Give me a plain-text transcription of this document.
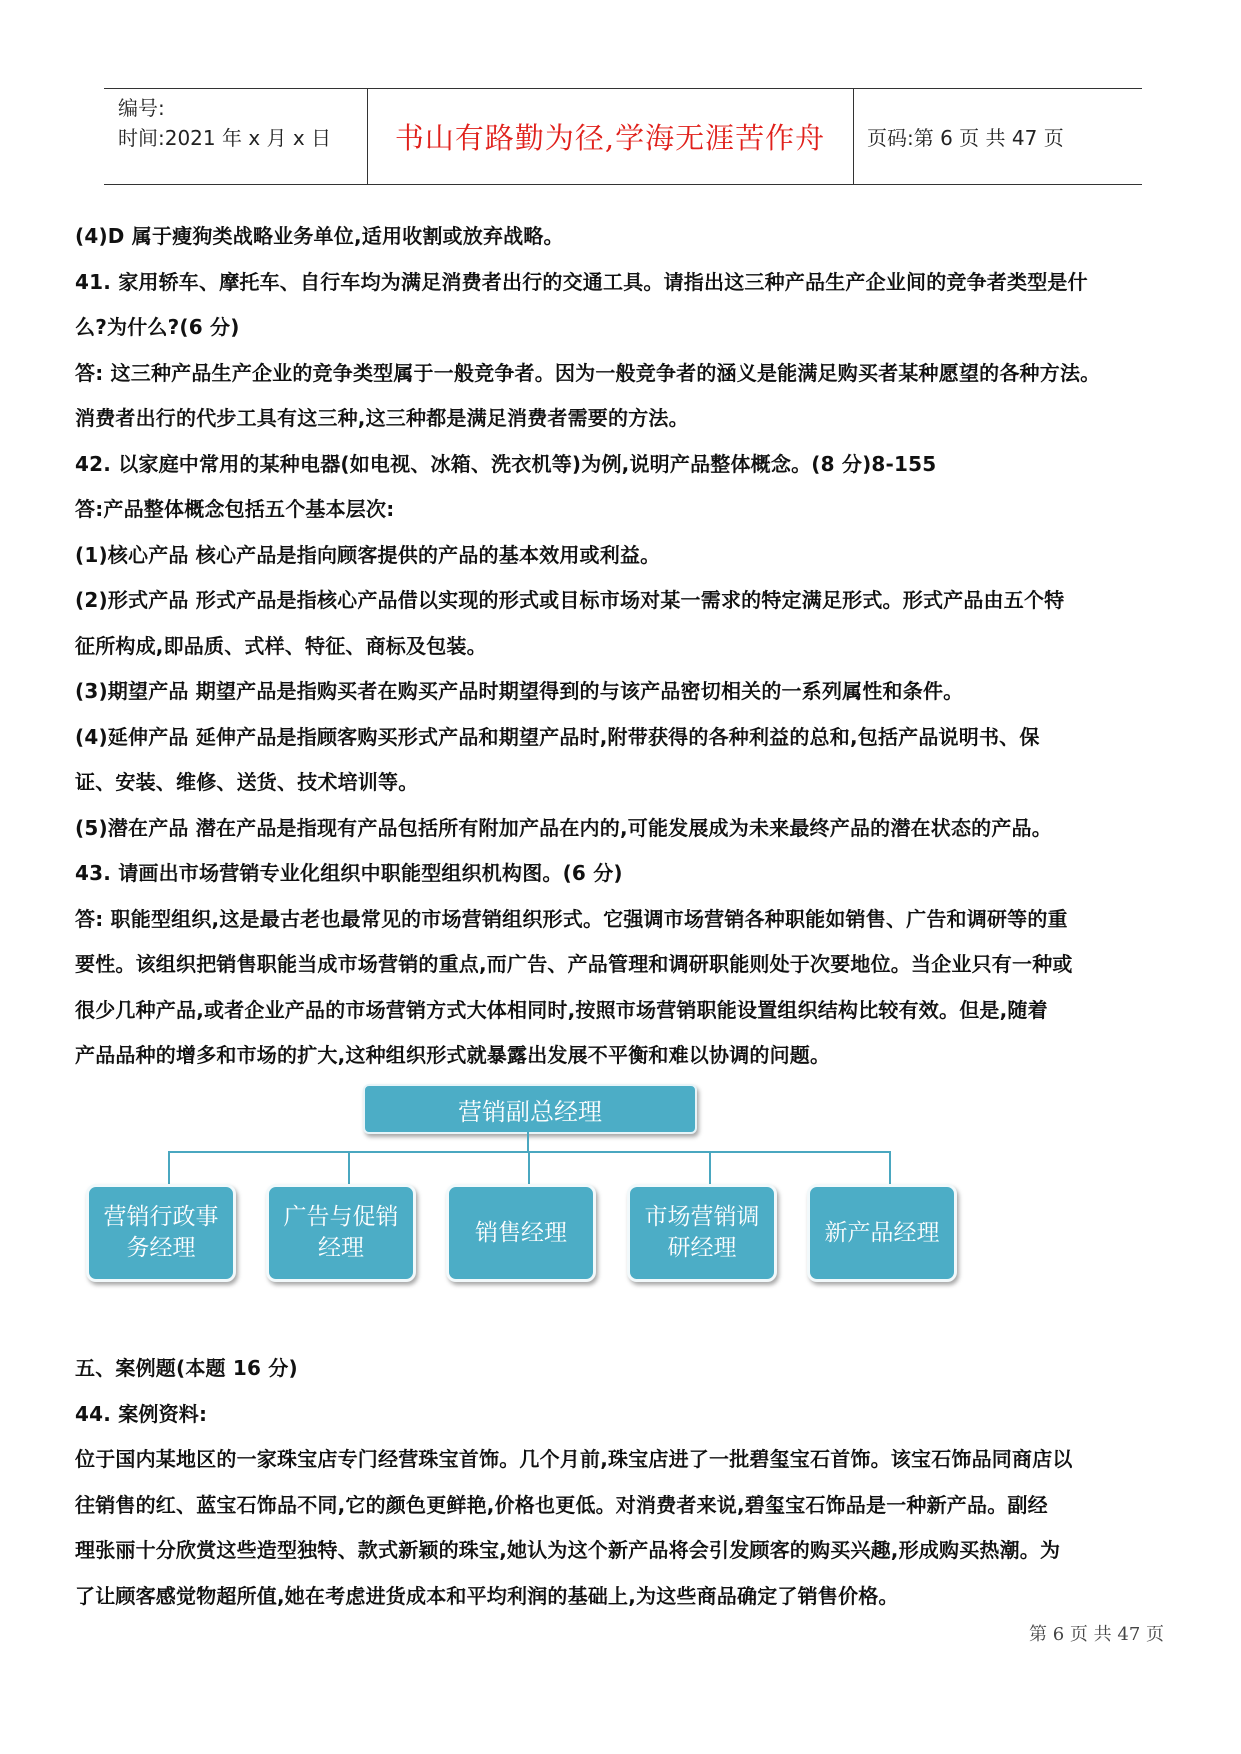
编号:
时间:2021 年 x 月 x 日 书山有路勤为径,学海无涯苦作舟 页码:第 6 页 共 47 页

(4)D 属于瘦狗类战略业务单位,适用收割或放弃战略。

41. 家用轿车、摩托车、自行车均为满足消费者出行的交通工具。请指出这三种产品生产企业间的竞争者类型是什

么?为什么?(6 分)

答: 这三种产品生产企业的竞争类型属于一般竞争者。因为一般竞争者的涵义是能满足购买者某种愿望的各种方法。

消费者出行的代步工具有这三种,这三种都是满足消费者需要的方法。

42. 以家庭中常用的某种电器(如电视、冰箱、洗衣机等)为例,说明产品整体概念。(8 分)8-155

答:产品整体概念包括五个基本层次:

(1)核心产品 核心产品是指向顾客提供的产品的基本效用或利益。

(2)形式产品 形式产品是指核心产品借以实现的形式或目标市场对某一需求的特定满足形式。形式产品由五个特

征所构成,即品质、式样、特征、商标及包装。

(3)期望产品 期望产品是指购买者在购买产品时期望得到的与该产品密切相关的一系列属性和条件。

(4)延伸产品 延伸产品是指顾客购买形式产品和期望产品时,附带获得的各种利益的总和,包括产品说明书、保

证、安装、维修、送货、技术培训等。

(5)潜在产品 潜在产品是指现有产品包括所有附加产品在内的,可能发展成为未来最终产品的潜在状态的产品。

43. 请画出市场营销专业化组织中职能型组织机构图。(6 分)

答: 职能型组织,这是最古老也最常见的市场营销组织形式。它强调市场营销各种职能如销售、广告和调研等的重

要性。该组织把销售职能当成市场营销的重点,而广告、产品管理和调研职能则处于次要地位。当企业只有一种或

很少几种产品,或者企业产品的市场营销方式大体相同时,按照市场营销职能设置组织结构比较有效。但是,随着

产品品种的增多和市场的扩大,这种组织形式就暴露出发展不平衡和难以协调的问题。

营销副总经理
营销行政事务经理
广告与促销经理
销售经理
市场营销调研经理
新产品经理

五、案例题(本题 16 分)

44. 案例资料:

位于国内某地区的一家珠宝店专门经营珠宝首饰。几个月前,珠宝店进了一批碧玺宝石首饰。该宝石饰品同商店以

往销售的红、蓝宝石饰品不同,它的颜色更鲜艳,价格也更低。对消费者来说,碧玺宝石饰品是一种新产品。副经

理张丽十分欣赏这些造型独特、款式新颖的珠宝,她认为这个新产品将会引发顾客的购买兴趣,形成购买热潮。为

了让顾客感觉物超所值,她在考虑进货成本和平均利润的基础上,为这些商品确定了销售价格。

第 6 页 共 47 页
